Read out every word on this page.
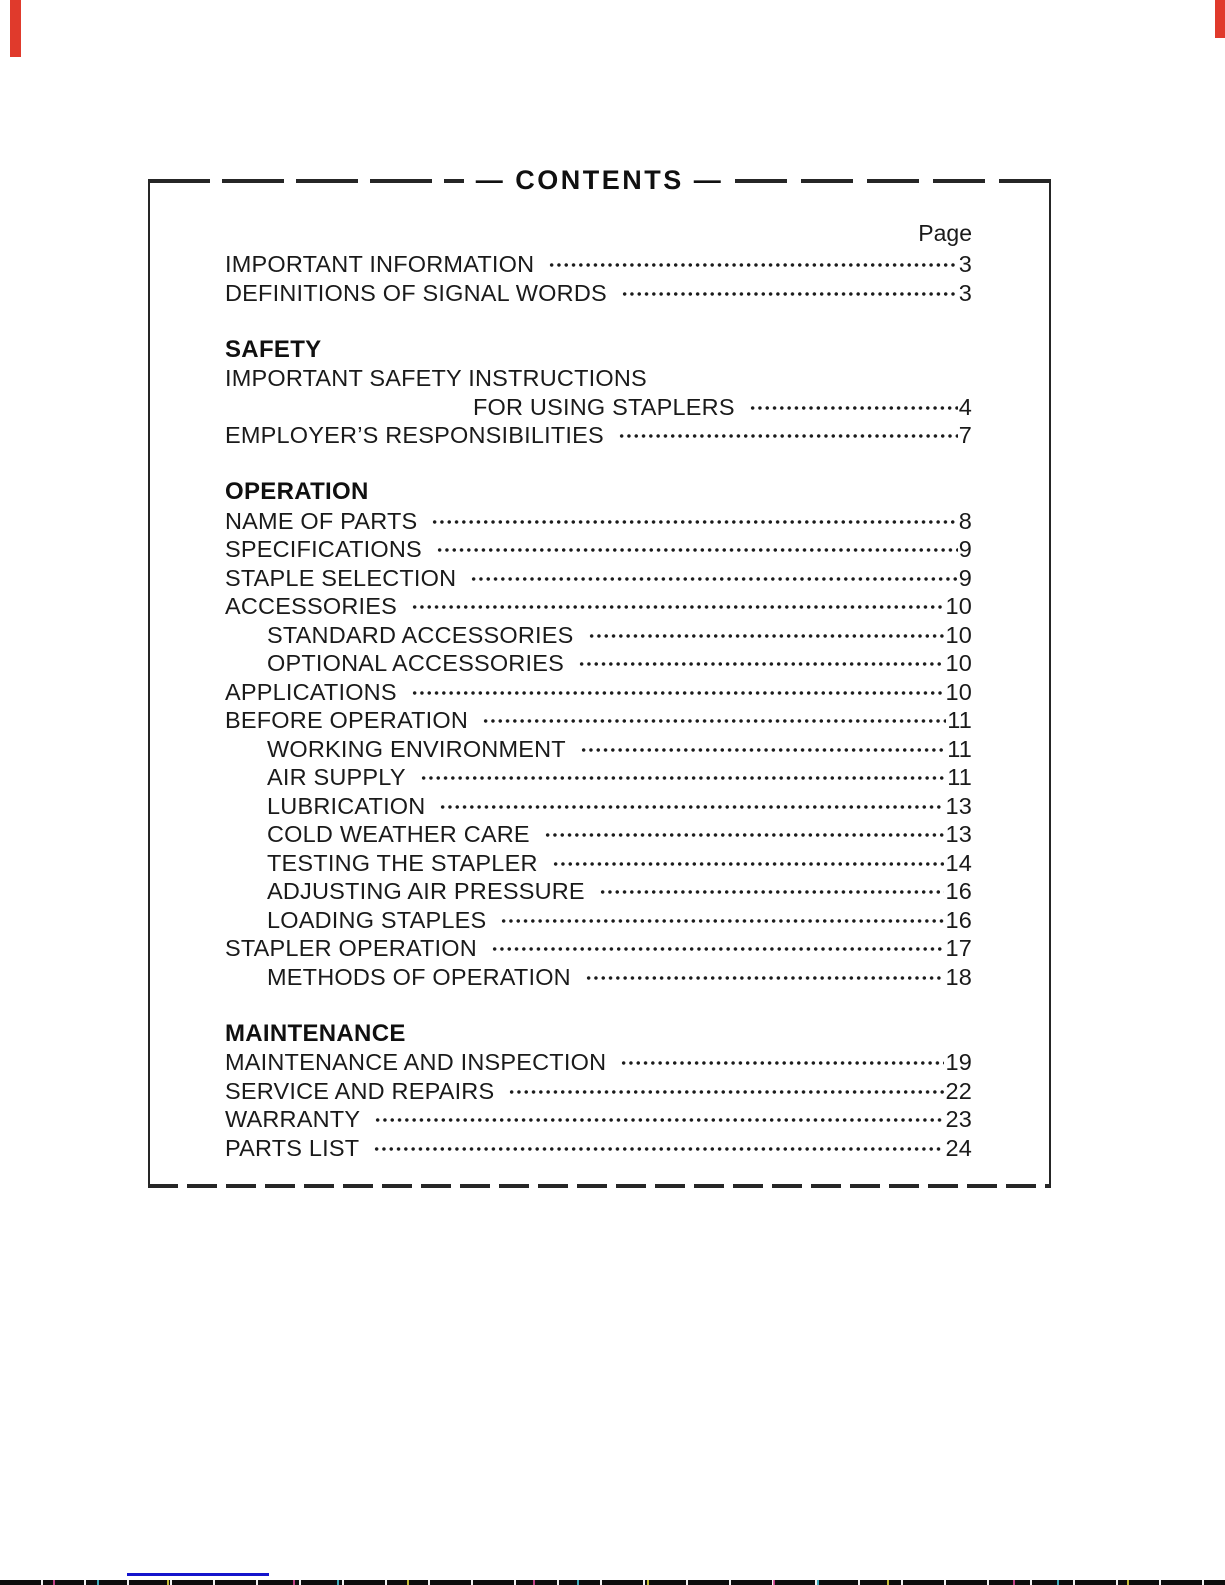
— CONTENTS —
Page
IMPORTANT INFORMATION	3
DEFINITIONS OF SIGNAL WORDS	3
SAFETY
IMPORTANT SAFETY INSTRUCTIONS
FOR USING STAPLERS	4
EMPLOYER’S RESPONSIBILITIES	7
OPERATION
NAME OF PARTS	8
SPECIFICATIONS	9
STAPLE SELECTION	9
ACCESSORIES	10
STANDARD ACCESSORIES	10
OPTIONAL ACCESSORIES	10
APPLICATIONS	10
BEFORE OPERATION	11
WORKING ENVIRONMENT	11
AIR SUPPLY	11
LUBRICATION	13
COLD WEATHER CARE	13
TESTING THE STAPLER	14
ADJUSTING AIR PRESSURE	16
LOADING STAPLES	16
STAPLER OPERATION	17
METHODS OF OPERATION	18
MAINTENANCE
MAINTENANCE AND INSPECTION	19
SERVICE AND REPAIRS	22
WARRANTY	23
PARTS LIST	24
